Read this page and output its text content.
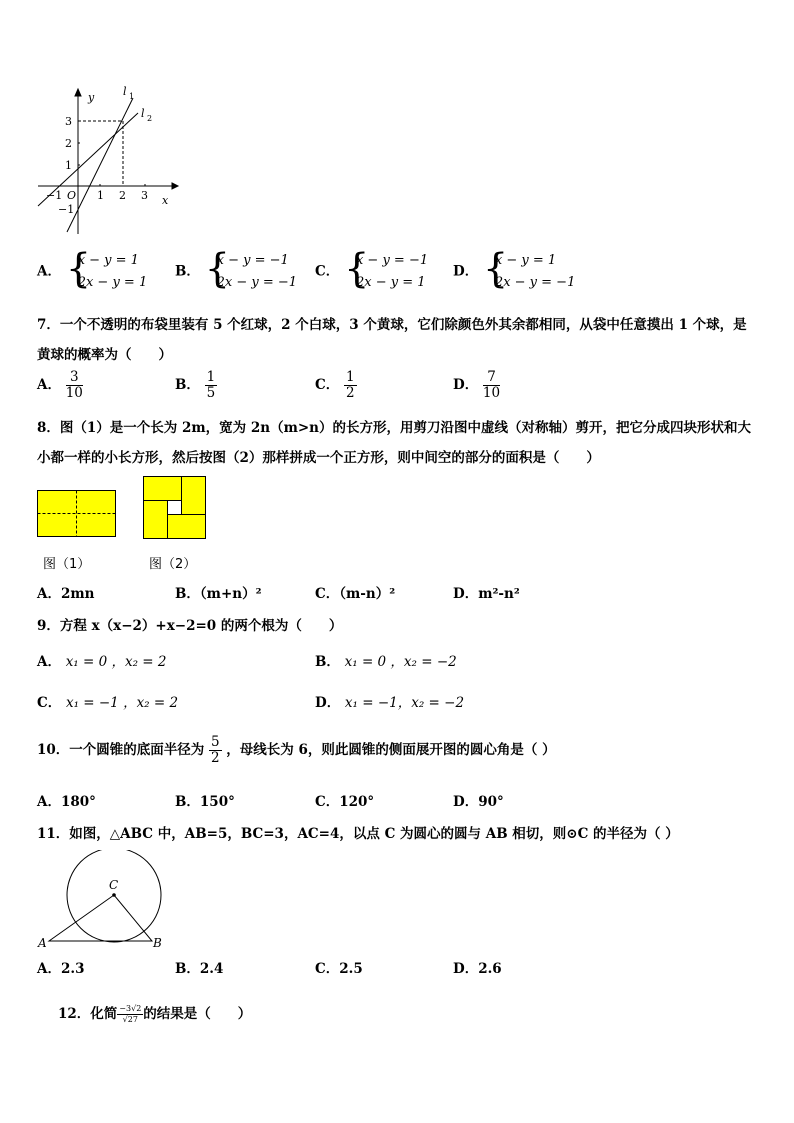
y
x
O
l 1
l 2
3
2
1
−1
−1	1 2 3
A． {
x − y = 1
2x − y = 1
B． {
x − y = −1
2x − y = −1
C． {
x − y = −1
2x − y = 1
D． {
x − y = 1
2x − y = −1
7．一个不透明的布袋里装有 5 个红球，2 个白球，3 个黄球，它们除颜色外其余都相同，从袋中任意摸出 1 个球，是
黄球的概率为（　　）
A． $\frac{3}{10}$	B． $\frac{1}{5}$	C． $\frac{1}{2}$	D． $\frac{7}{10}$
8．图（1）是一个长为 2m，宽为 2n（m>n）的长方形，用剪刀沿图中虚线（对称轴）剪开，把它分成四块形状和大
小都一样的小长方形，然后按图（2）那样拼成一个正方形，则中间空的部分的面积是（　　）
图（1）	图（2）
A．2mn	B．（m+n）²	C．（m-n）²	D．m²-n²
9．方程 x（x−2）+x−2=0 的两个根为（　　）
A． x₁ = 0 ，x₂ = 2	B． x₁ = 0 ，x₂ = −2
C． x₁ = −1 ，x₂ = 2	D． x₁ = −1，x₂ = −2
10．一个圆锥的底面半径为 $\frac{5}{2}$ ，母线长为 6，则此圆锥的侧面展开图的圆心角是（ ）
A．180°	B．150°	C．120°	D．90°
11．如图，△ABC 中，AB=5，BC=3，AC=4，以点 C 为圆心的圆与 AB 相切，则⊙C 的半径为（ ）
C
A	B
A．2.3	B．2.4	C．2.5	D．2.6
12．化简 $\frac{-3√2}{√27}$ 的结果是（　　）
